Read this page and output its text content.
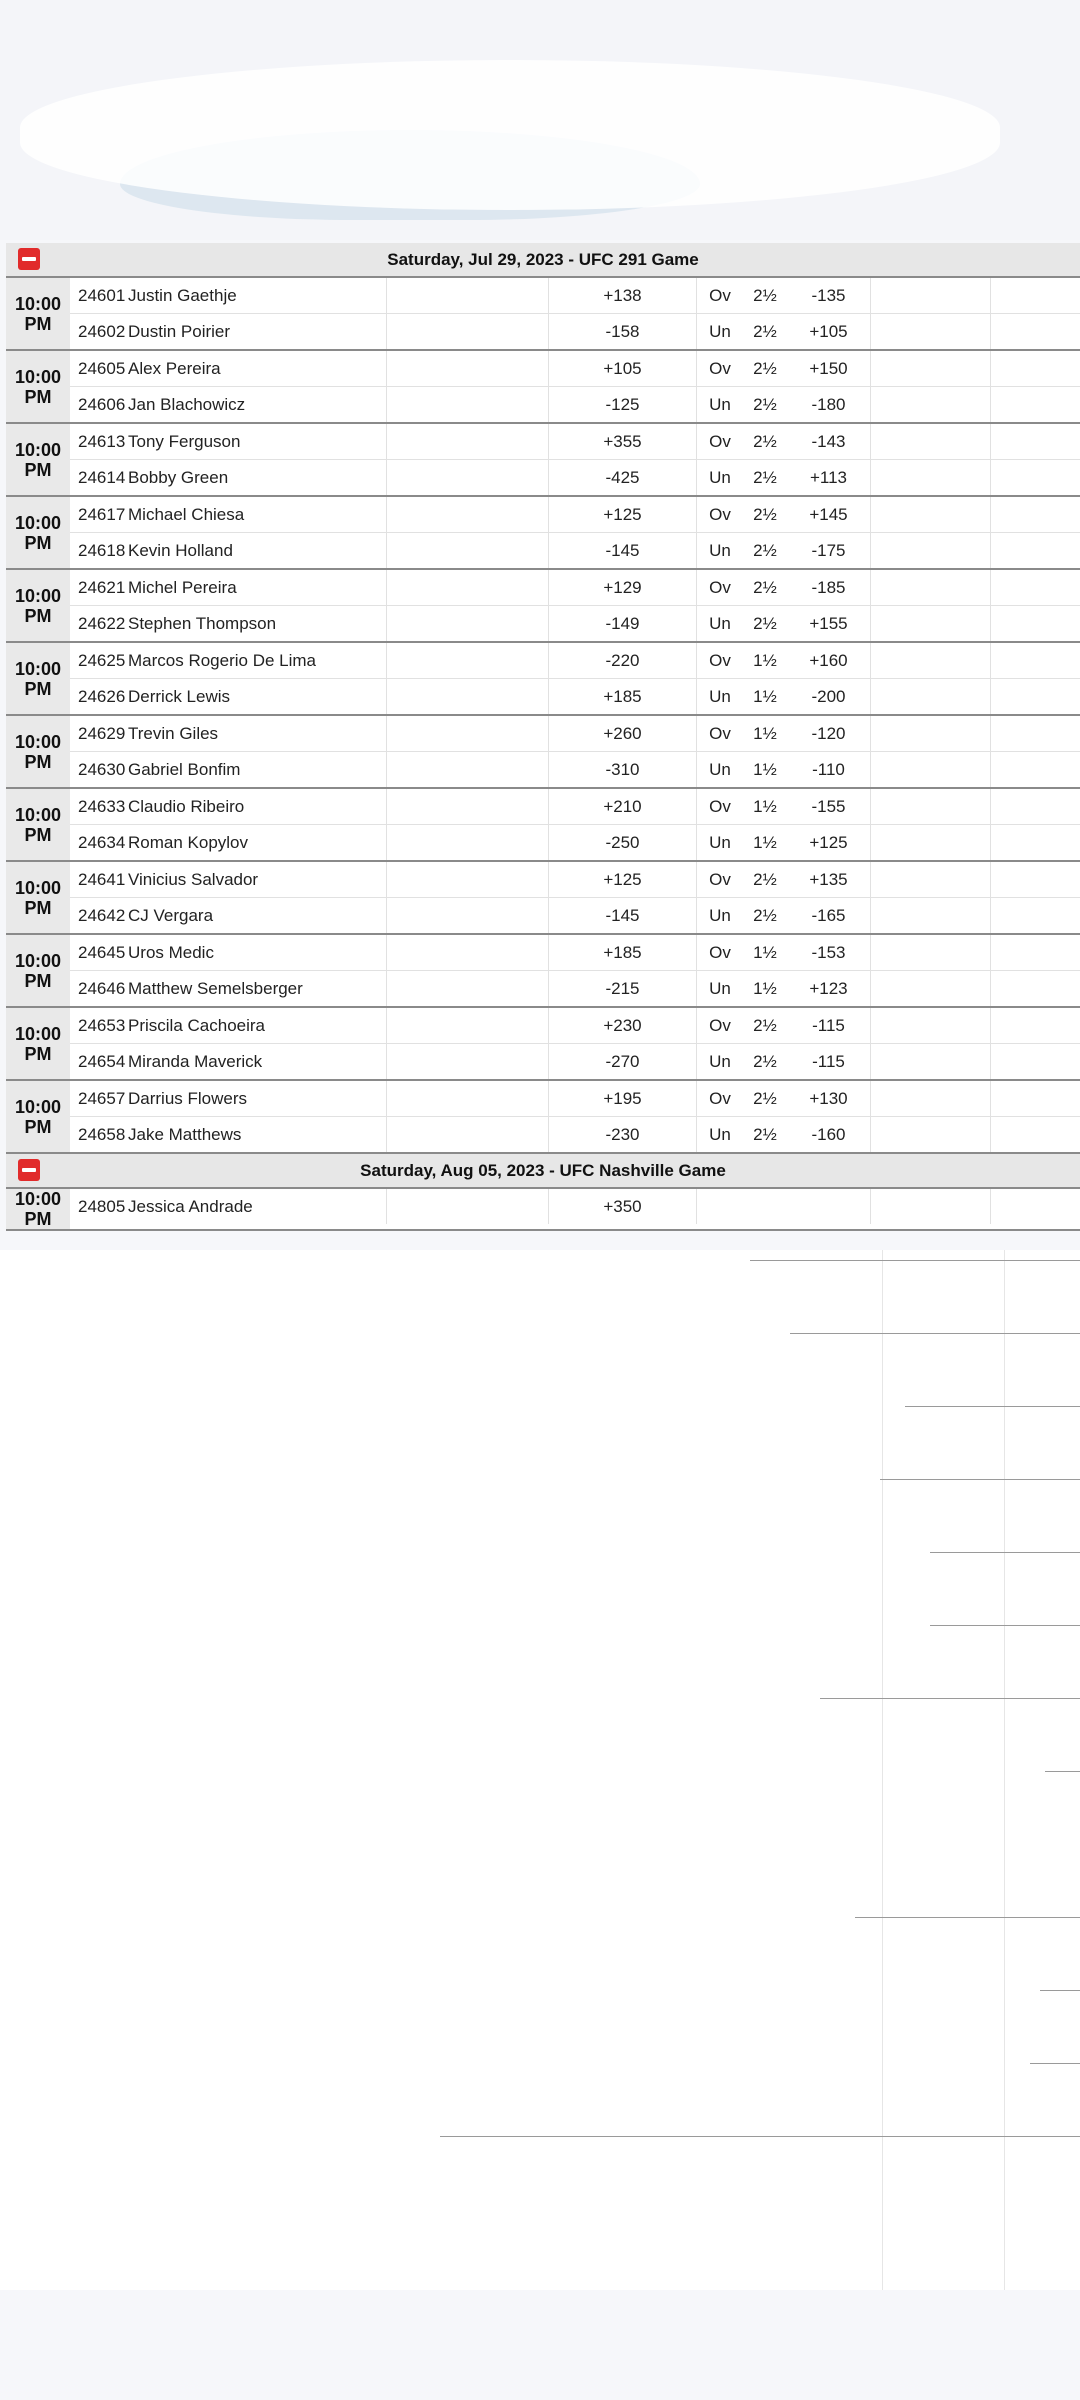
Saturday, Jul 29, 2023 - UFC 291 Game
10:00
PM
24601 Justin Gaethje	+138	Ov	2½	-135
24602 Dustin Poirier	-158	Un	2½	+105
10:00
PM
24605 Alex Pereira	+105	Ov	2½	+150
24606 Jan Blachowicz	-125	Un	2½	-180
10:00
PM
24613 Tony Ferguson	+355	Ov	2½	-143
24614 Bobby Green	-425	Un	2½	+113
10:00
PM
24617 Michael Chiesa	+125	Ov	2½	+145
24618 Kevin Holland	-145	Un	2½	-175
10:00
PM
24621 Michel Pereira	+129	Ov	2½	-185
24622 Stephen Thompson	-149	Un	2½	+155
10:00
PM
24625 Marcos Rogerio De Lima	-220	Ov	1½	+160
24626 Derrick Lewis	+185	Un	1½	-200
10:00
PM
24629 Trevin Giles	+260	Ov	1½	-120
24630 Gabriel Bonfim	-310	Un	1½	-110
10:00
PM
24633 Claudio Ribeiro	+210	Ov	1½	-155
24634 Roman Kopylov	-250	Un	1½	+125
10:00
PM
24641 Vinicius Salvador	+125	Ov	2½	+135
24642 CJ Vergara	-145	Un	2½	-165
10:00
PM
24645 Uros Medic	+185	Ov	1½	-153
24646 Matthew Semelsberger	-215	Un	1½	+123
10:00
PM
24653 Priscila Cachoeira	+230	Ov	2½	-115
24654 Miranda Maverick	-270	Un	2½	-115
10:00
PM
24657 Darrius Flowers	+195	Ov	2½	+130
24658 Jake Matthews	-230	Un	2½	-160
Saturday, Aug 05, 2023 - UFC Nashville Game
10:00
PM
24805 Jessica Andrade	+350
